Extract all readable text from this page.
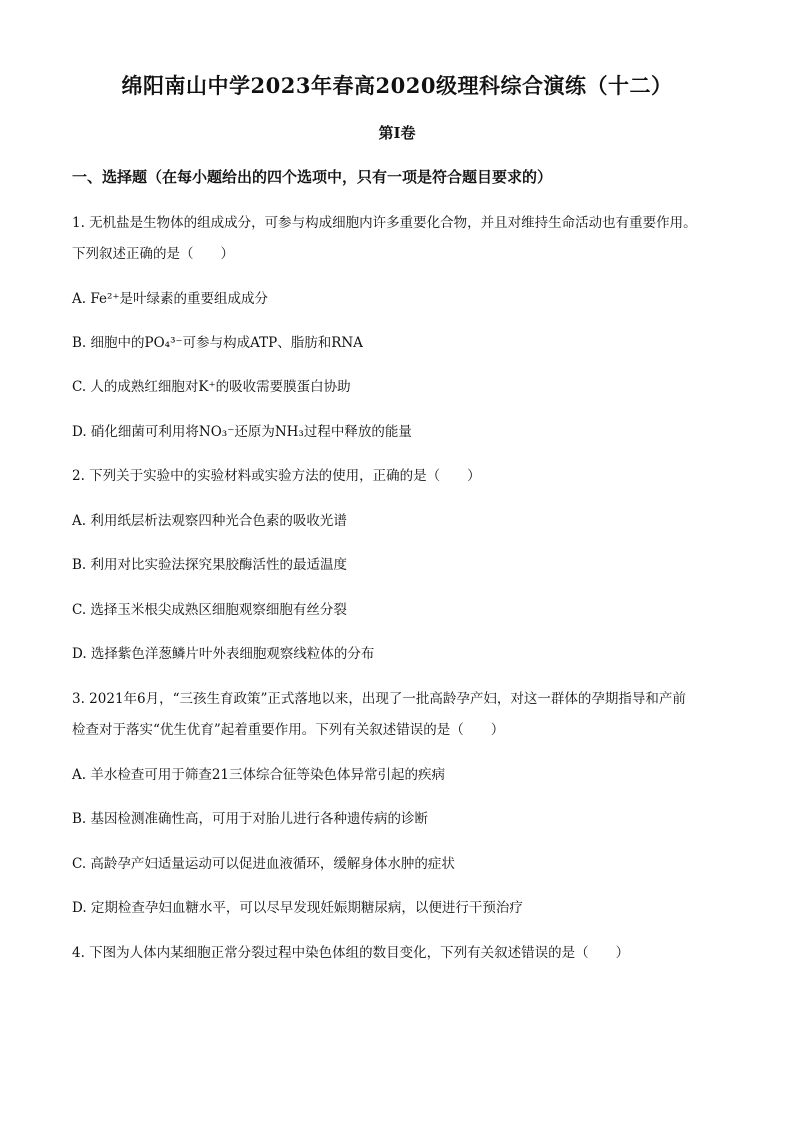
绵阳南山中学2023年春高2020级理科综合演练（十二）
第Ⅰ卷
一、选择题（在每小题给出的四个选项中，只有一项是符合题目要求的）
1. 无机盐是生物体的组成成分，可参与构成细胞内许多重要化合物，并且对维持生命活动也有重要作用。
下列叙述正确的是（　　）
A. Fe²⁺是叶绿素的重要组成成分
B. 细胞中的PO₄³⁻可参与构成ATP、脂肪和RNA
C. 人的成熟红细胞对K⁺的吸收需要膜蛋白协助
D. 硝化细菌可利用将NO₃⁻还原为NH₃过程中释放的能量
2. 下列关于实验中的实验材料或实验方法的使用，正确的是（　　）
A. 利用纸层析法观察四种光合色素的吸收光谱
B. 利用对比实验法探究果胶酶活性的最适温度
C. 选择玉米根尖成熟区细胞观察细胞有丝分裂
D. 选择紫色洋葱鳞片叶外表细胞观察线粒体的分布
3. 2021年6月，“三孩生育政策”正式落地以来，出现了一批高龄孕产妇，对这一群体的孕期指导和产前
检查对于落实“优生优育”起着重要作用。下列有关叙述错误的是（　　）
A. 羊水检查可用于筛查21三体综合征等染色体异常引起的疾病
B. 基因检测准确性高，可用于对胎儿进行各种遗传病的诊断
C. 高龄孕产妇适量运动可以促进血液循环，缓解身体水肿的症状
D. 定期检查孕妇血糖水平，可以尽早发现妊娠期糖尿病，以便进行干预治疗
4. 下图为人体内某细胞正常分裂过程中染色体组的数目变化，下列有关叙述错误的是（　　）
